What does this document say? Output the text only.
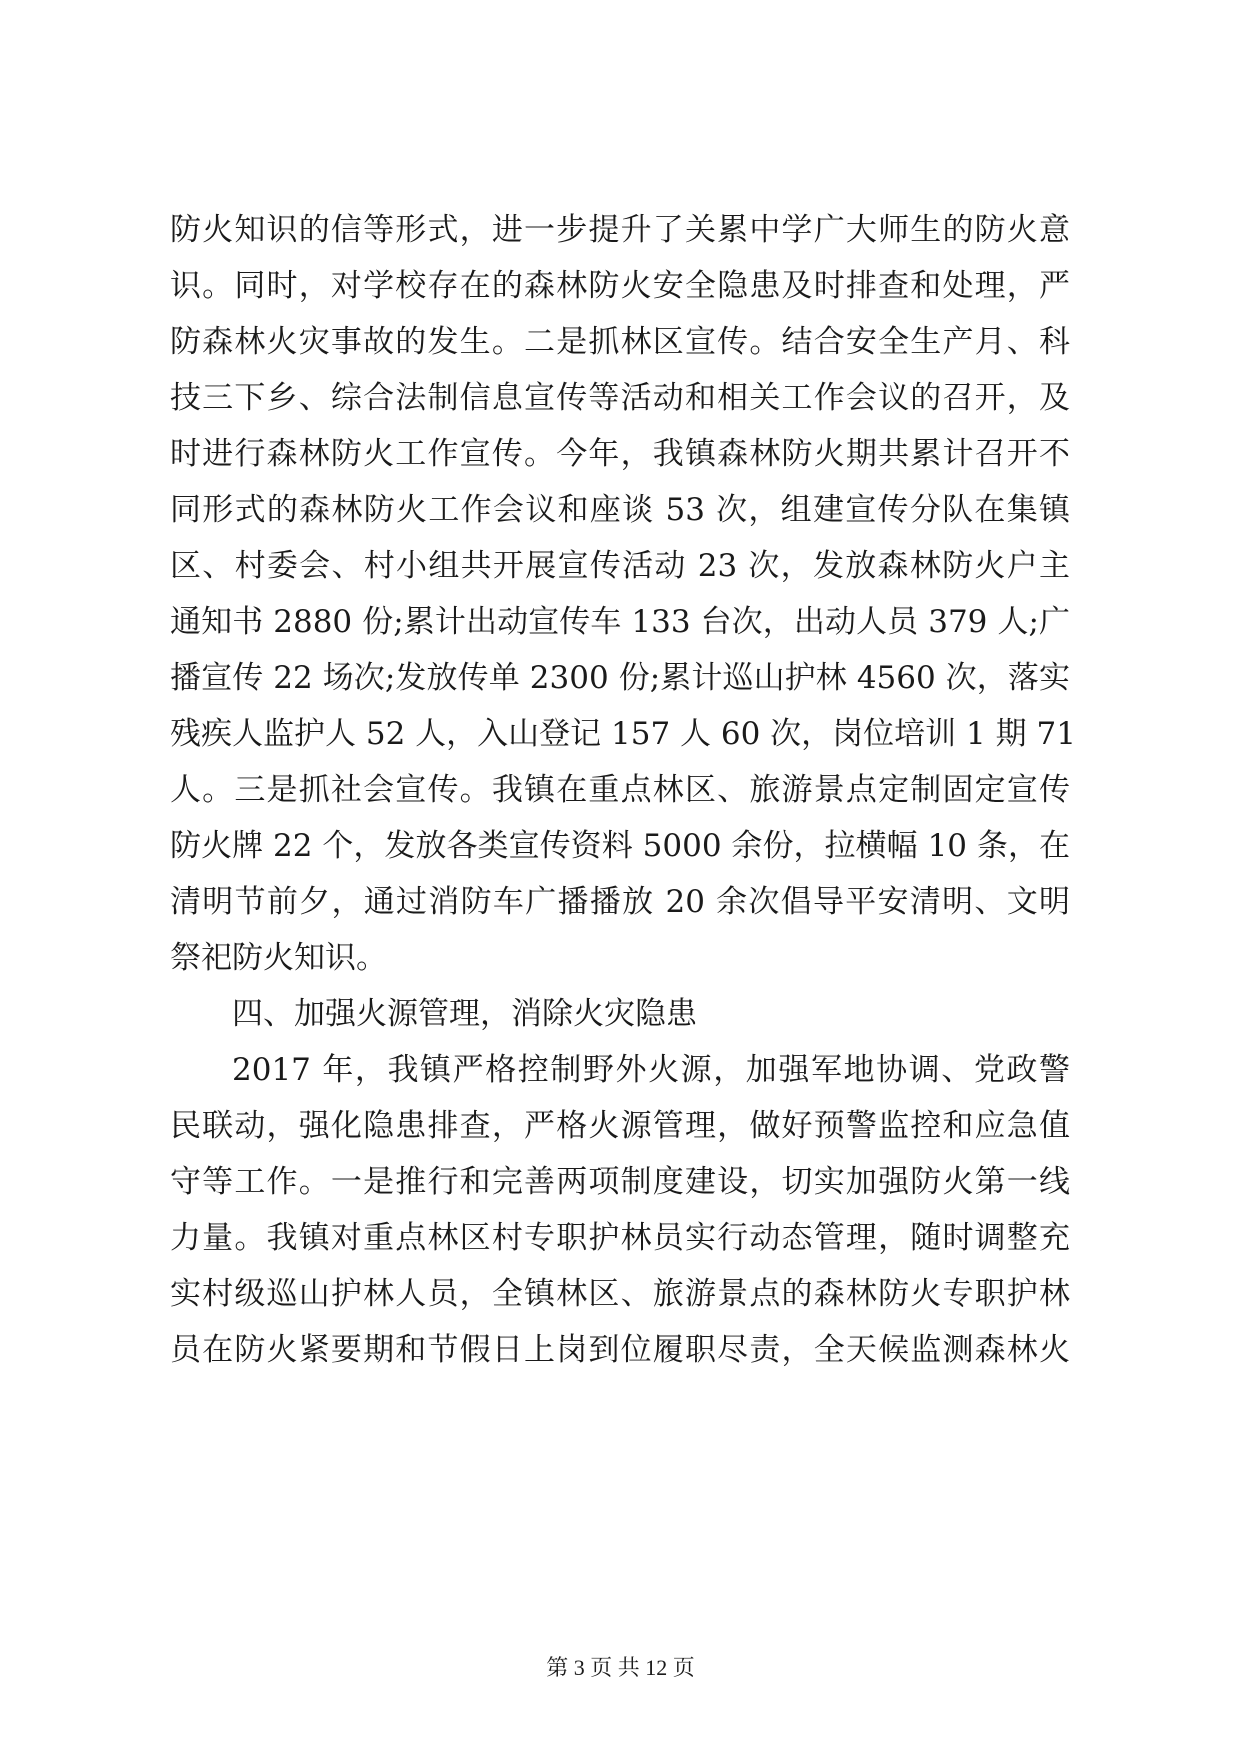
防火知识的信等形式，进一步提升了关累中学广大师生的防火意
识。同时，对学校存在的森林防火安全隐患及时排查和处理，严
防森林火灾事故的发生。二是抓林区宣传。结合安全生产月、科
技三下乡、综合法制信息宣传等活动和相关工作会议的召开，及
时进行森林防火工作宣传。今年，我镇森林防火期共累计召开不
同形式的森林防火工作会议和座谈 53 次，组建宣传分队在集镇
区、村委会、村小组共开展宣传活动 23 次，发放森林防火户主
通知书 2880 份;累计出动宣传车 133 台次，出动人员 379 人;广
播宣传 22 场次;发放传单 2300 份;累计巡山护林 4560 次，落实
残疾人监护人 52 人，入山登记 157 人 60 次，岗位培训 1 期 71
人。三是抓社会宣传。我镇在重点林区、旅游景点定制固定宣传
防火牌 22 个，发放各类宣传资料 5000 余份，拉横幅 10 条，在
清明节前夕，通过消防车广播播放 20 余次倡导平安清明、文明
祭祀防火知识。
四、加强火源管理，消除火灾隐患
2017 年，我镇严格控制野外火源，加强军地协调、党政警
民联动，强化隐患排查，严格火源管理，做好预警监控和应急值
守等工作。一是推行和完善两项制度建设，切实加强防火第一线
力量。我镇对重点林区村专职护林员实行动态管理，随时调整充
实村级巡山护林人员，全镇林区、旅游景点的森林防火专职护林
员在防火紧要期和节假日上岗到位履职尽责，全天候监测森林火
第 3 页 共 12 页
